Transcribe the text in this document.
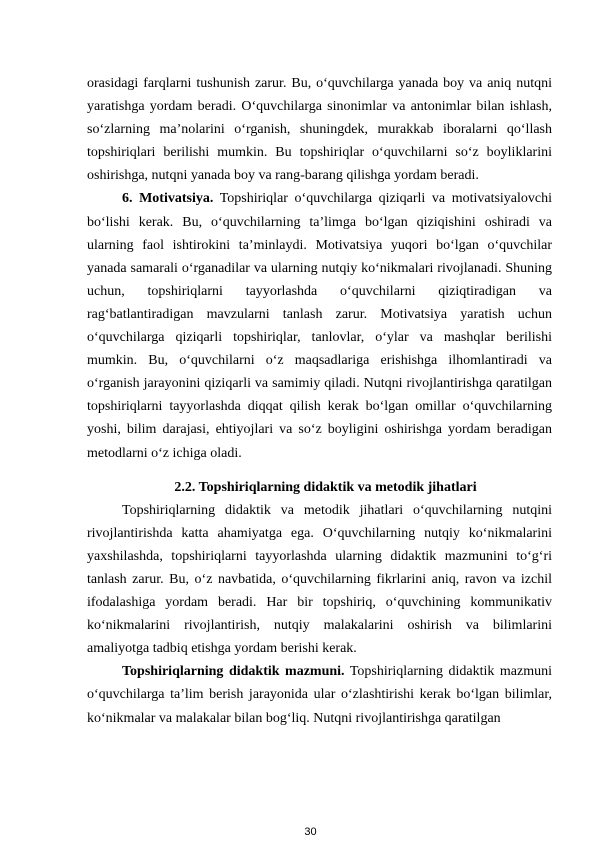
orasidagi farqlarni tushunish zarur. Bu, o‘quvchilarga yanada boy va aniq nutqni yaratishga yordam beradi. O‘quvchilarga sinonimlar va antonimlar bilan ishlash, so‘zlarning ma’nolarini o‘rganish, shuningdek, murakkab iboralarni qo‘llash topshiriqlari berilishi mumkin. Bu topshiriqlar o‘quvchilarni so‘z boyliklarini oshirishga, nutqni yanada boy va rang-barang qilishga yordam beradi.

6. Motivatsiya. Topshiriqlar o‘quvchilarga qiziqarli va motivatsiyalovchi bo‘lishi kerak. Bu, o‘quvchilarning ta’limga bo‘lgan qiziqishini oshiradi va ularning faol ishtirokini ta’minlaydi. Motivatsiya yuqori bo‘lgan o‘quvchilar yanada samarali o‘rganadilar va ularning nutqiy ko‘nikmalari rivojlanadi. Shuning uchun, topshiriqlarni tayyorlashda o‘quvchilarni qiziqtiradigan va rag‘batlantiradigan mavzularni tanlash zarur. Motivatsiya yaratish uchun o‘quvchilarga qiziqarli topshiriqlar, tanlovlar, o‘ylar va mashqlar berilishi mumkin. Bu, o‘quvchilarni o‘z maqsadlariga erishishga ilhomlantiradi va o‘rganish jarayonini qiziqarli va samimiy qiladi. Nutqni rivojlantirishga qaratilgan topshiriqlarni tayyorlashda diqqat qilish kerak bo‘lgan omillar o‘quvchilarning yoshi, bilim darajasi, ehtiyojlari va so‘z boyligini oshirishga yordam beradigan metodlarni o‘z ichiga oladi.

2.2. Topshiriqlarning didaktik va metodik jihatlari

Topshiriqlarning didaktik va metodik jihatlari o‘quvchilarning nutqini rivojlantirishda katta ahamiyatga ega. O‘quvchilarning nutqiy ko‘nikmalarini yaxshilashda, topshiriqlarni tayyorlashda ularning didaktik mazmunini to‘g‘ri tanlash zarur. Bu, o‘z navbatida, o‘quvchilarning fikrlarini aniq, ravon va izchil ifodalashiga yordam beradi. Har bir topshiriq, o‘quvchining kommunikativ ko‘nikmalarini rivojlantirish, nutqiy malakalarini oshirish va bilimlarini amaliyotga tadbiq etishga yordam berishi kerak.

Topshiriqlarning didaktik mazmuni. Topshiriqlarning didaktik mazmuni o‘quvchilarga ta’lim berish jarayonida ular o‘zlashtirishi kerak bo‘lgan bilimlar, ko‘nikmalar va malakalar bilan bog‘liq. Nutqni rivojlantirishga qaratilgan

30
